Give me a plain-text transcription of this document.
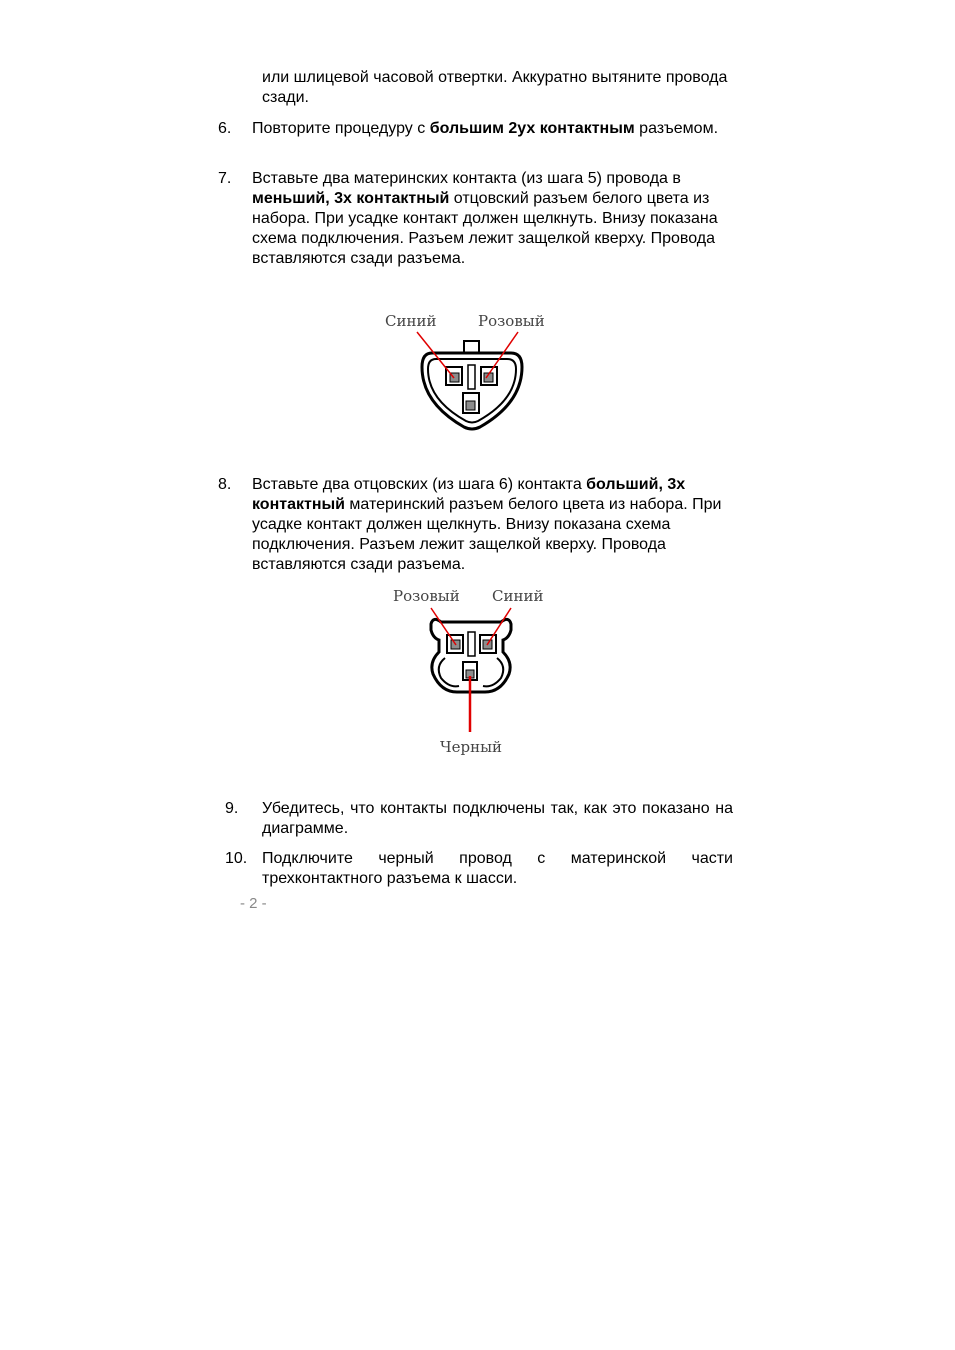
или шлицевой часовой отвертки. Аккуратно вытяните провода сзади.
6. Повторите процедуру с большим 2ух контактным разъемом.
7. Вставьте два материнских контакта (из шага 5) провода в меньший, 3х контактный отцовский разъем белого цвета из набора. При усадке контакт должен щелкнуть. Внизу показана схема подключения. Разъем лежит защелкой кверху. Провода вставляются сзади разъема.
Синий	Розовый
8. Вставьте два отцовских (из шага 6) контакта больший, 3х контактный материнский разъем белого цвета из набора. При усадке контакт должен щелкнуть. Внизу показана схема подключения. Разъем лежит защелкой кверху. Провода вставляются сзади разъема.
Розовый Синий
Черный
9. Убедитесь, что контакты подключены так, как это показано на диаграмме.
10. Подключите черный провод с материнской части трехконтактного разъема к шасси.
- 2 -
